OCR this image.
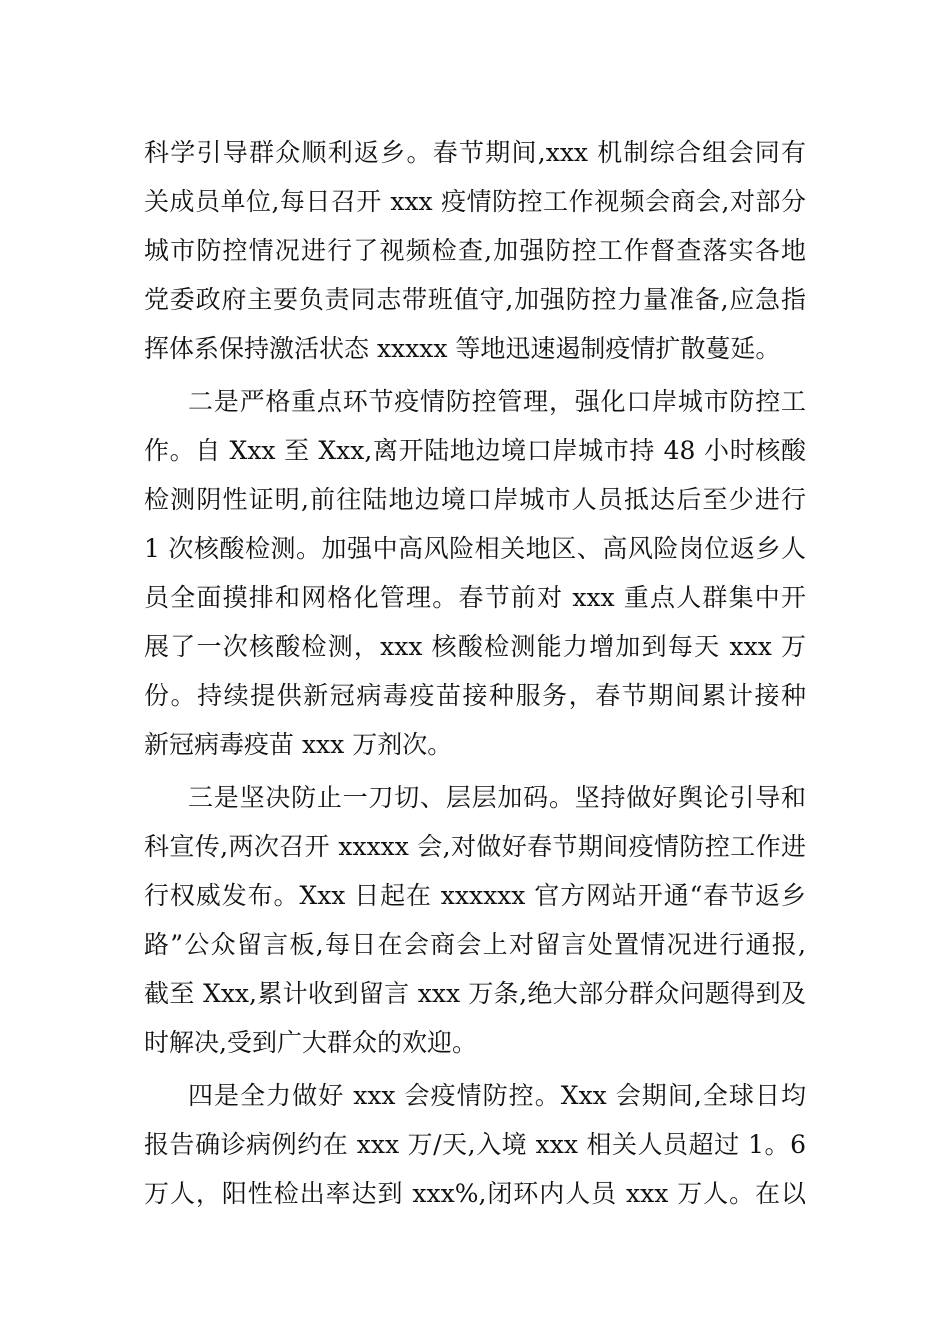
科学引导群众顺利返乡。春节期间,xxx 机制综合组会同有
关成员单位,每日召开 xxx 疫情防控工作视频会商会,对部分
城市防控情况进行了视频检查,加强防控工作督查落实各地
党委政府主要负责同志带班值守,加强防控力量准备,应急指
挥体系保持激活状态 xxxxx 等地迅速遏制疫情扩散蔓延。
二是严格重点环节疫情防控管理，强化口岸城市防控工
作。自 Xxx 至 Xxx,离开陆地边境口岸城市持 48 小时核酸
检测阴性证明,前往陆地边境口岸城市人员抵达后至少进行
1 次核酸检测。加强中高风险相关地区、高风险岗位返乡人
员全面摸排和网格化管理。春节前对 xxx 重点人群集中开
展了一次核酸检测，xxx 核酸检测能力增加到每天 xxx 万
份。持续提供新冠病毒疫苗接种服务，春节期间累计接种
新冠病毒疫苗 xxx 万剂次。
三是坚决防止一刀切、层层加码。坚持做好舆论引导和
科宣传,两次召开 xxxxx 会,对做好春节期间疫情防控工作进
行权威发布。Xxx 日起在 xxxxxx 官方网站开通“春节返乡
路”公众留言板,每日在会商会上对留言处置情况进行通报,
截至 Xxx,累计收到留言 xxx 万条,绝大部分群众问题得到及
时解决,受到广大群众的欢迎。
四是全力做好 xxx 会疫情防控。Xxx 会期间,全球日均
报告确诊病例约在 xxx 万/天,入境 xxx 相关人员超过 1。6
万人，阳性检出率达到 xxx%,闭环内人员 xxx 万人。在以
